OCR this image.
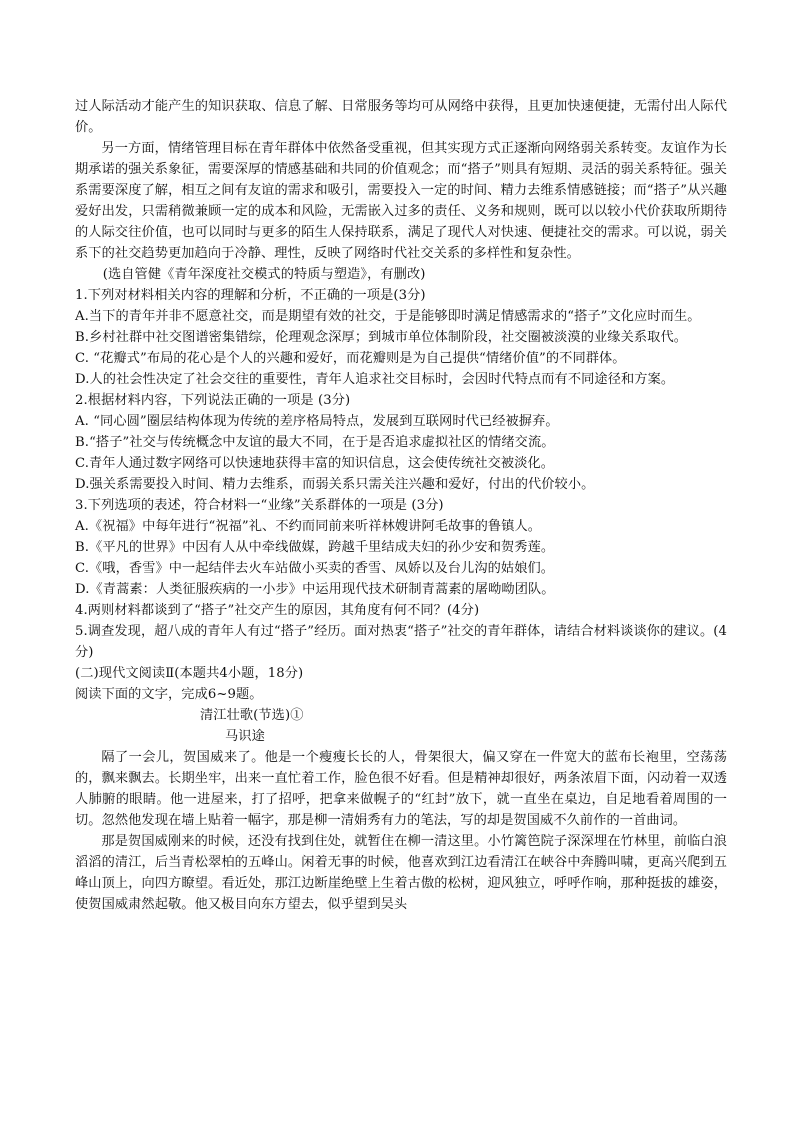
过人际活动才能产生的知识获取、信息了解、日常服务等均可从网络中获得，且更加快速便捷，无需付出人际代价。

另一方面，情绪管理目标在青年群体中依然备受重视，但其实现方式正逐渐向网络弱关系转变。友谊作为长期承诺的强关系象征，需要深厚的情感基础和共同的价值观念；而“搭子”则具有短期、灵活的弱关系特征。强关系需要深度了解，相互之间有友谊的需求和吸引，需要投入一定的时间、精力去维系情感链接；而“搭子”从兴趣爱好出发，只需稍微兼顾一定的成本和风险，无需嵌入过多的责任、义务和规则，既可以以较小代价获取所期待的人际交往价值，也可以同时与更多的陌生人保持联系，满足了现代人对快速、便捷社交的需求。可以说，弱关系下的社交趋势更加趋向于冷静、理性，反映了网络时代社交关系的多样性和复杂性。

(选自管健《青年深度社交模式的特质与塑造》，有删改)

1.下列对材料相关内容的理解和分析，不正确的一项是(3分)

A.当下的青年并非不愿意社交，而是期望有效的社交，于是能够即时满足情感需求的“搭子”文化应时而生。

B.乡村社群中社交图谱密集错综，伦理观念深厚；到城市单位体制阶段，社交圈被淡漠的业缘关系取代。

C. “花瓣式”布局的花心是个人的兴趣和爱好，而花瓣则是为自己提供“情绪价值”的不同群体。

D.人的社会性决定了社会交往的重要性，青年人追求社交目标时，会因时代特点而有不同途径和方案。

2.根据材料内容，下列说法正确的一项是 (3分)

A. “同心圆”圈层结构体现为传统的差序格局特点，发展到互联网时代已经被摒弃。

B.“搭子”社交与传统概念中友谊的最大不同，在于是否追求虚拟社区的情绪交流。

C.青年人通过数字网络可以快速地获得丰富的知识信息，这会使传统社交被淡化。

D.强关系需要投入时间、精力去维系，而弱关系只需关注兴趣和爱好，付出的代价较小。

3.下列选项的表述，符合材料一“业缘”关系群体的一项是 (3分)

A.《祝福》中每年进行“祝福”礼、不约而同前来听祥林嫂讲阿毛故事的鲁镇人。

B.《平凡的世界》中因有人从中牵线做媒，跨越千里结成夫妇的孙少安和贺秀莲。

C.《哦，香雪》中一起结伴去火车站做小买卖的香雪、凤娇以及台儿沟的姑娘们。

D.《青蒿素：人类征服疾病的一小步》中运用现代技术研制青蒿素的屠呦呦团队。

4.两则材料都谈到了“搭子”社交产生的原因，其角度有何不同？(4分)

5.调查发现，超八成的青年人有过“搭子”经历。面对热衷“搭子”社交的青年群体，请结合材料谈谈你的建议。(4分)

(二)现代文阅读Ⅱ(本题共4小题，18分)

阅读下面的文字，完成6~9题。

清江壮歌(节选)①

马识途

隔了一会儿，贺国威来了。他是一个瘦瘦长长的人，骨架很大，偏又穿在一件宽大的蓝布长袍里，空荡荡的，飘来飘去。长期坐牢，出来一直忙着工作，脸色很不好看。但是精神却很好，两条浓眉下面，闪动着一双透人肺腑的眼睛。他一进屋来，打了招呼，把拿来做幌子的“红封”放下，就一直坐在桌边，自足地看着周围的一切。忽然他发现在墙上贴着一幅字，那是柳一清娟秀有力的笔法，写的却是贺国威不久前作的一首曲词。

那是贺国威刚来的时候，还没有找到住处，就暂住在柳一清这里。小竹篱笆院子深深埋在竹林里，前临白浪滔滔的清江，后当青松翠柏的五峰山。闲着无事的时候，他喜欢到江边看清江在峡谷中奔腾叫啸，更高兴爬到五峰山顶上，向四方瞭望。看近处，那江边断崖绝壁上生着古傲的松树，迎风独立，呼呼作响，那种挺拔的雄姿，使贺国威肃然起敬。他又极目向东方望去，似乎望到吴头
